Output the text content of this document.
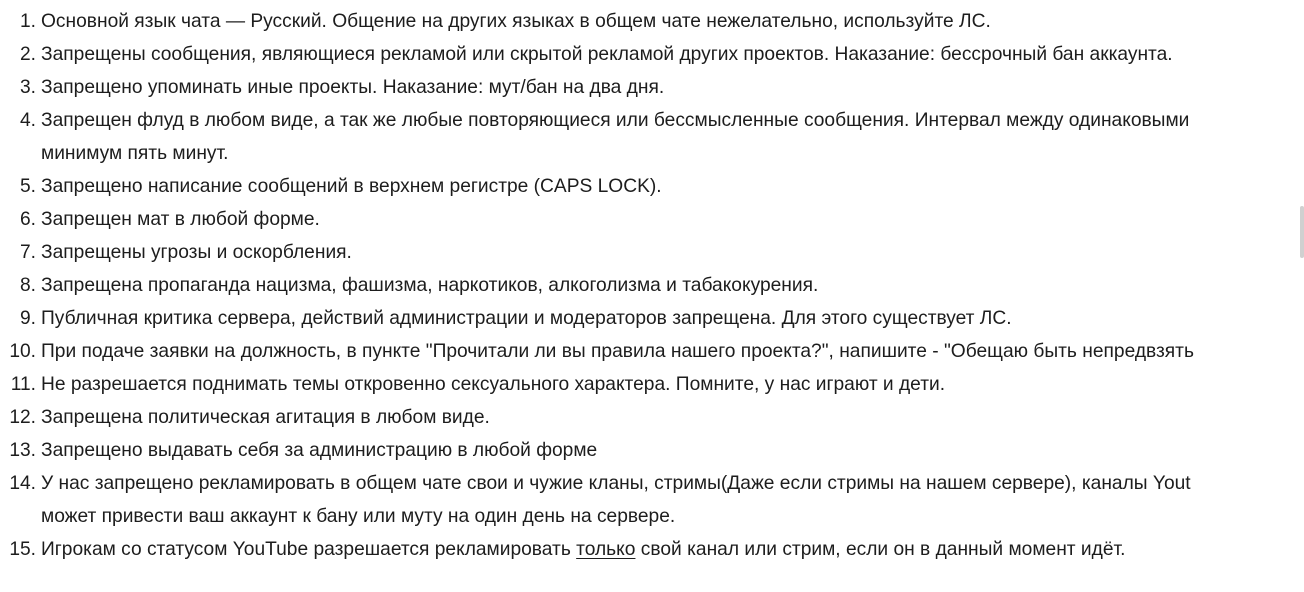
1. Основной язык чата — Русский. Общение на других языках в общем чате нежелательно, используйте ЛС.
2. Запрещены сообщения, являющиеся рекламой или скрытой рекламой других проектов. Наказание: бессрочный бан аккаунта.
3. Запрещено упоминать иные проекты. Наказание: мут/бан на два дня.
4. Запрещен флуд в любом виде, а так же любые повторяющиеся или бессмысленные сообщения. Интервал между одинаковыми
минимум пять минут.
5. Запрещено написание сообщений в верхнем регистре (CAPS LOCK).
6. Запрещен мат в любой форме.
7. Запрещены угрозы и оскорбления.
8. Запрещена пропаганда нацизма, фашизма, наркотиков, алкоголизма и табакокурения.
9. Публичная критика сервера, действий администрации и модераторов запрещена. Для этого существует ЛС.
10. При подаче заявки на должность, в пункте "Прочитали ли вы правила нашего проекта?", напишите - "Обещаю быть непредвзять
11. Не разрешается поднимать темы откровенно сексуального характера. Помните, у нас играют и дети.
12. Запрещена политическая агитация в любом виде.
13. Запрещено выдавать себя за администрацию в любой форме
14. У нас запрещено рекламировать в общем чате свои и чужие кланы, стримы(Даже если стримы на нашем сервере), каналы Yout
может привести ваш аккаунт к бану или муту на один день на сервере.
15. Игрокам со статусом YouTube разрешается рекламировать только свой канал или стрим, если он в данный момент идёт.
